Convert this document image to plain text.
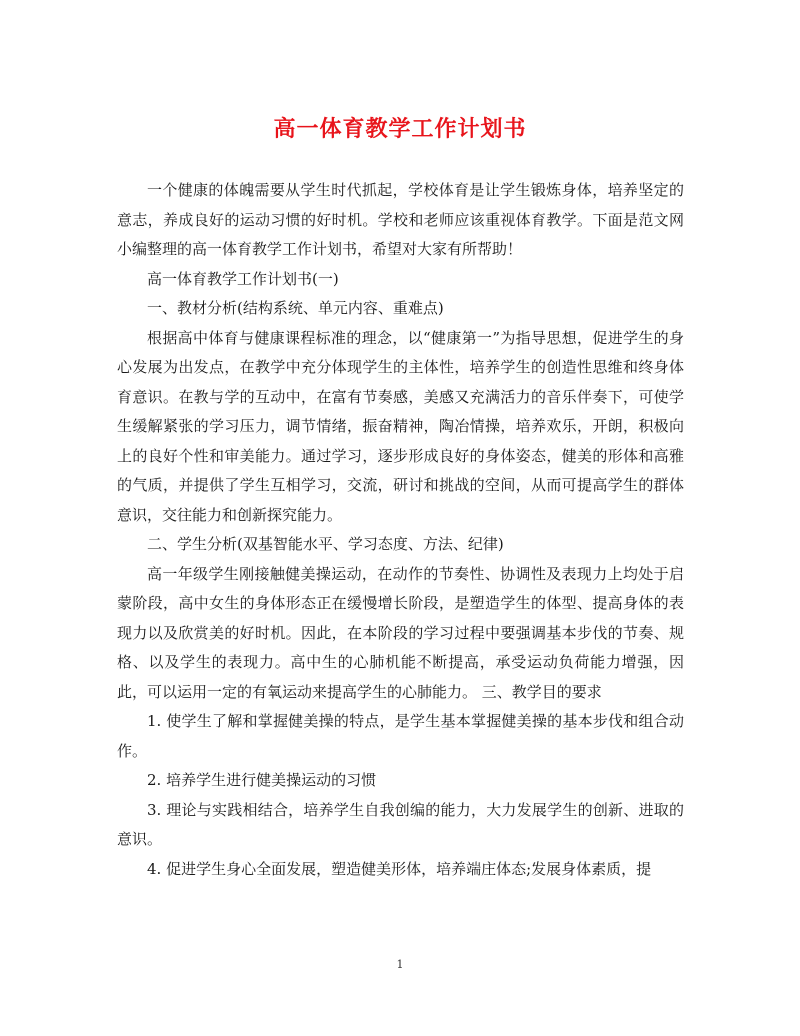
高一体育教学工作计划书

一个健康的体魄需要从学生时代抓起，学校体育是让学生锻炼身体，培养坚定的意志，养成良好的运动习惯的好时机。学校和老师应该重视体育教学。下面是范文网小编整理的高一体育教学工作计划书，希望对大家有所帮助！

高一体育教学工作计划书(一)

一、教材分析(结构系统、单元内容、重难点)

根据高中体育与健康课程标准的理念，以“健康第一”为指导思想，促进学生的身心发展为出发点，在教学中充分体现学生的主体性，培养学生的创造性思维和终身体育意识。在教与学的互动中，在富有节奏感，美感又充满活力的音乐伴奏下，可使学生缓解紧张的学习压力，调节情绪，振奋精神，陶冶情操，培养欢乐，开朗，积极向上的良好个性和审美能力。通过学习，逐步形成良好的身体姿态，健美的形体和高雅的气质，并提供了学生互相学习，交流，研讨和挑战的空间，从而可提高学生的群体意识，交往能力和创新探究能力。

二、学生分析(双基智能水平、学习态度、方法、纪律)

高一年级学生刚接触健美操运动，在动作的节奏性、协调性及表现力上均处于启蒙阶段，高中女生的身体形态正在缓慢增长阶段，是塑造学生的体型、提高身体的表现力以及欣赏美的好时机。因此，在本阶段的学习过程中要强调基本步伐的节奏、规格、以及学生的表现力。高中生的心肺机能不断提高，承受运动负荷能力增强，因此，可以运用一定的有氧运动来提高学生的心肺能力。 三、教学目的要求

1. 使学生了解和掌握健美操的特点，是学生基本掌握健美操的基本步伐和组合动作。

2. 培养学生进行健美操运动的习惯

3. 理论与实践相结合，培养学生自我创编的能力，大力发展学生的创新、进取的意识。

4. 促进学生身心全面发展，塑造健美形体，培养端庄体态;发展身体素质，提

1
